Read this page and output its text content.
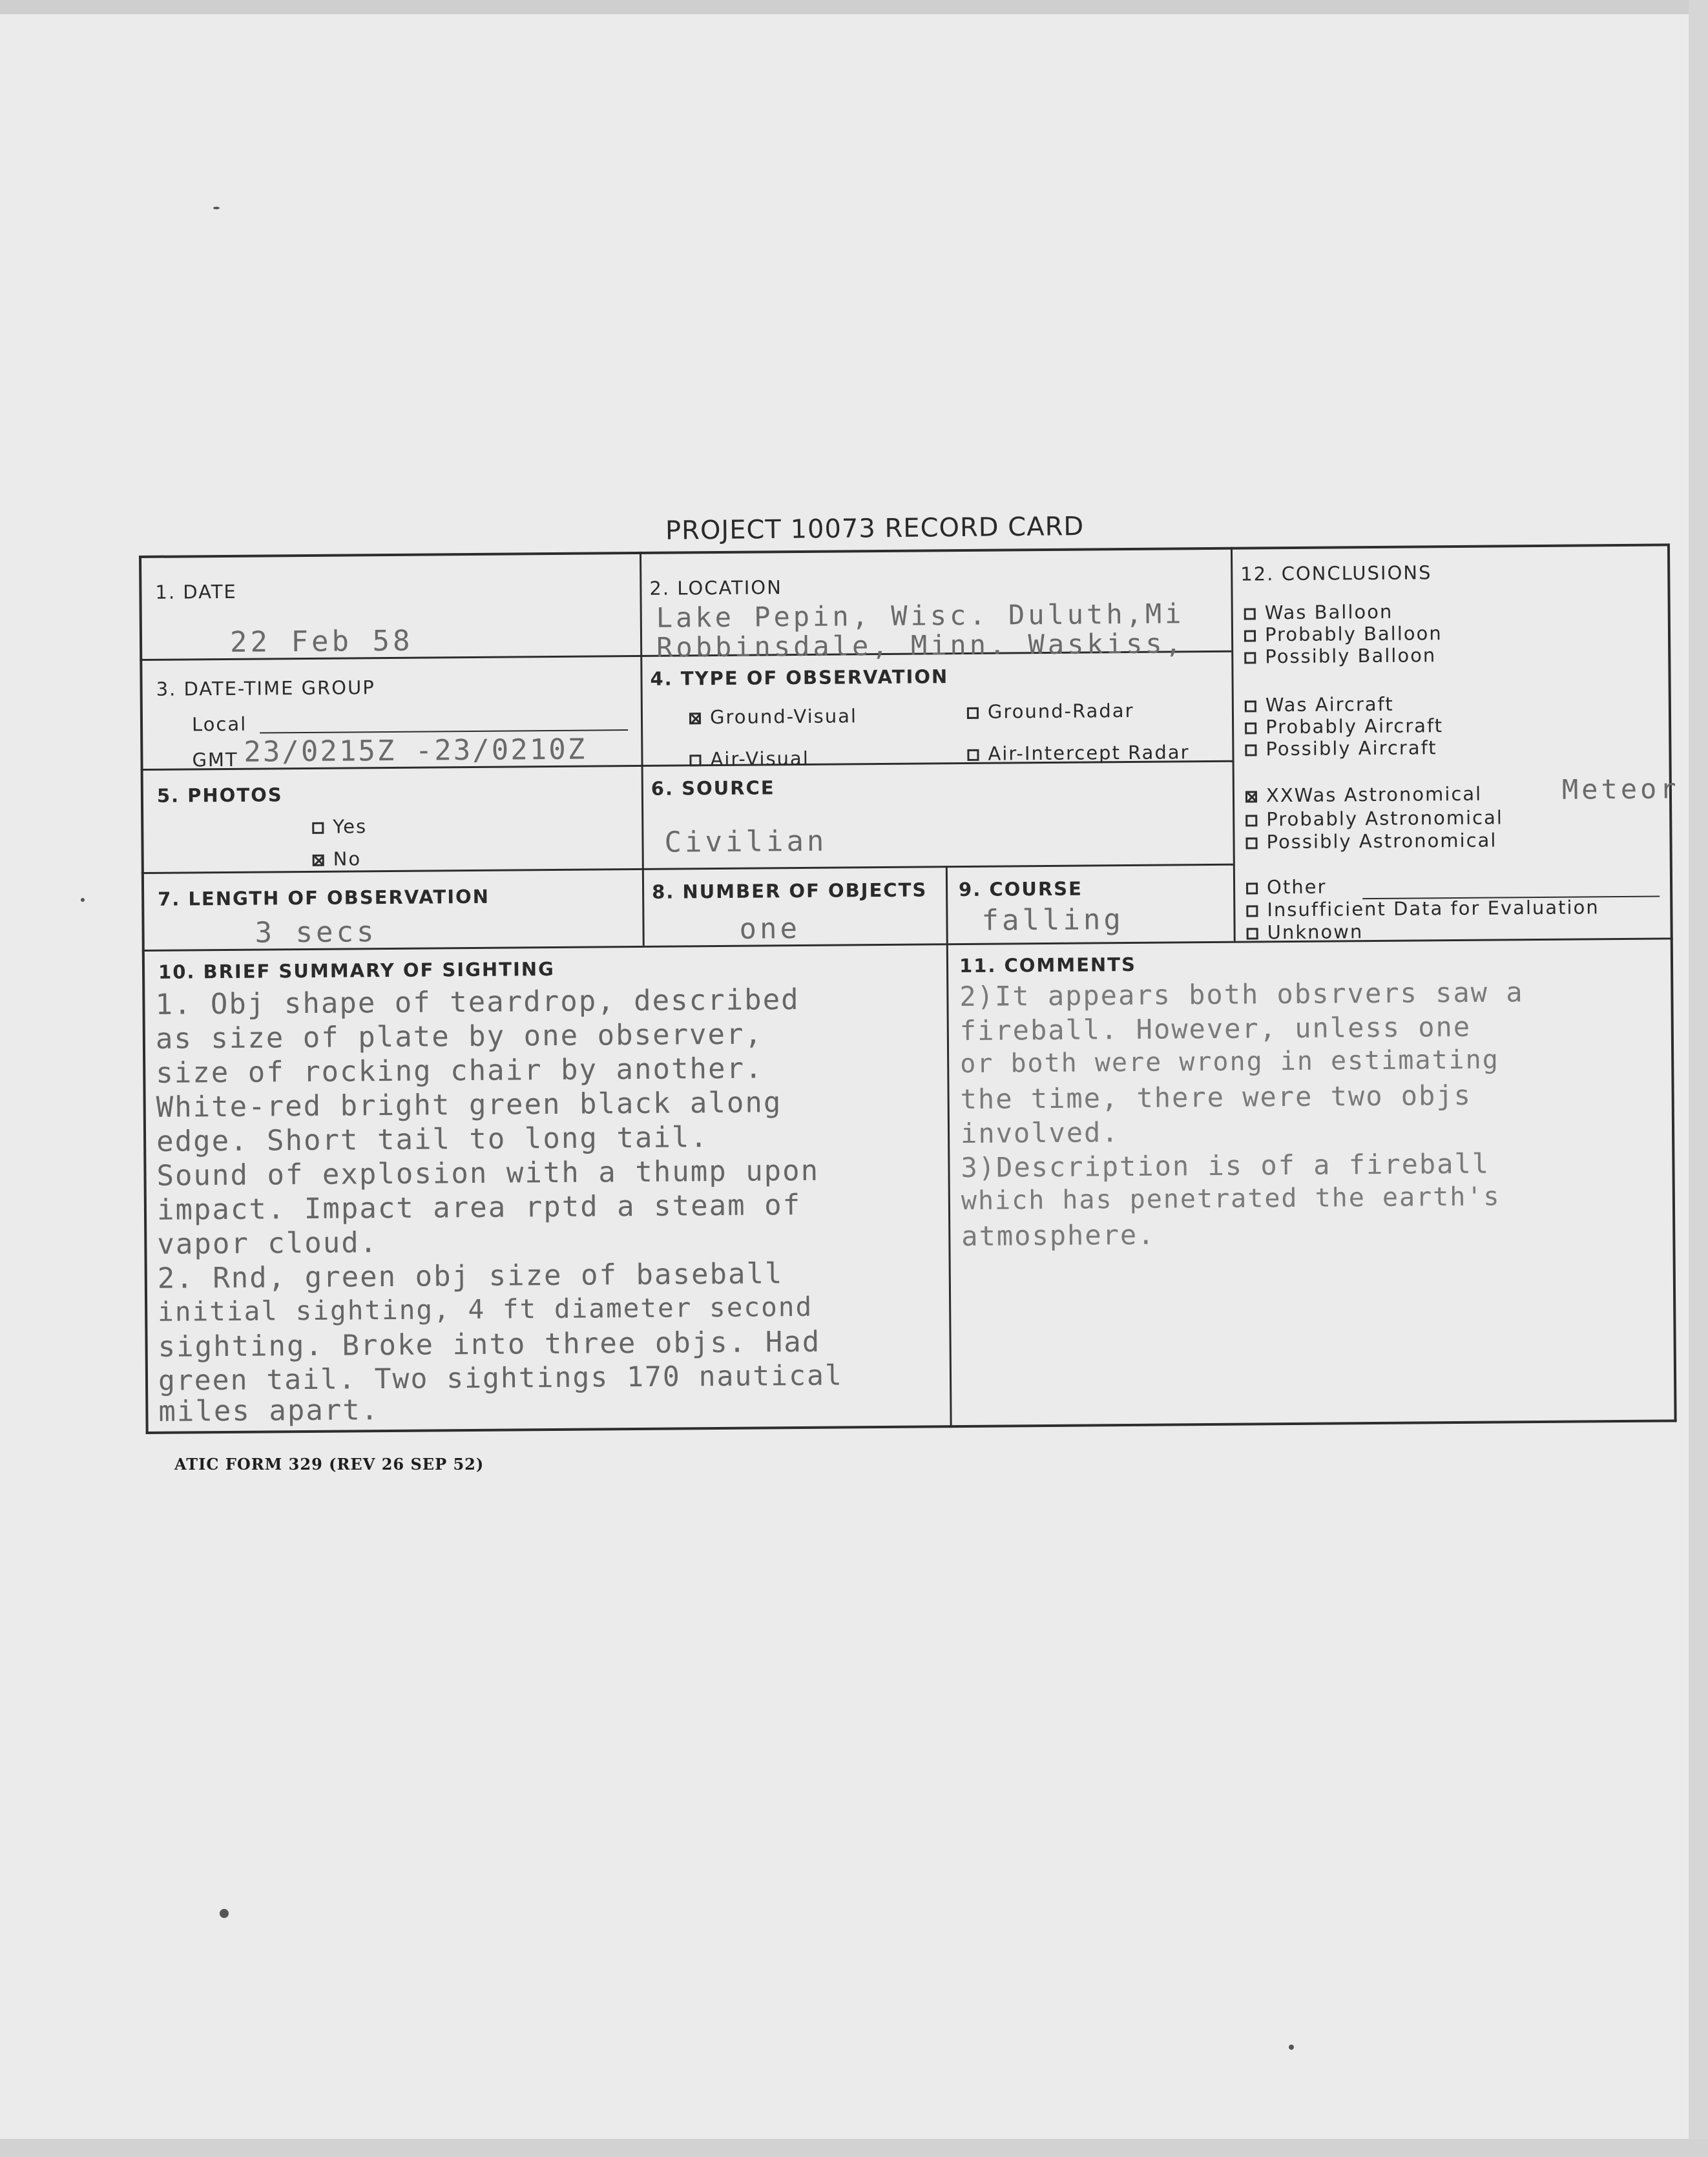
PROJECT 10073 RECORD CARD
1. DATE
22 Feb 58
2. LOCATION
Lake Pepin, Wisc. Duluth,Mi
Robbinsdale, Minn. Waskiss,
3. DATE-TIME GROUP
Local
GMT 23/0215Z -23/0210Z
4. TYPE OF OBSERVATION
Ground-Visual	Ground-Radar
Air-Visual	Air-Intercept Radar
5. PHOTOS
Yes
No
6. SOURCE
Civilian
7. LENGTH OF OBSERVATION
3 secs
8. NUMBER OF OBJECTS
one
9. COURSE
falling
12. CONCLUSIONS
Was Balloon
Probably Balloon
Possibly Balloon
Was Aircraft
Probably Aircraft
Possibly Aircraft
XXWas Astronomical	Meteor
Probably Astronomical
Possibly Astronomical
Other
Insufficient Data for Evaluation
Unknown
10. BRIEF SUMMARY OF SIGHTING
1. Obj shape of teardrop, described
as size of plate by one observer,
size of rocking chair by another.
White-red bright green black along
edge. Short tail to long tail.
Sound of explosion with a thump upon
impact. Impact area rptd a steam of
vapor cloud.
2. Rnd, green obj size of baseball
initial sighting, 4 ft diameter second
sighting. Broke into three objs. Had
green tail. Two sightings 170 nautical
miles apart.
11. COMMENTS
2)It appears both obsrvers saw a
fireball. However, unless one
or both were wrong in estimating
the time, there were two objs
involved.
3)Description is of a fireball
which has penetrated the earth's
atmosphere.
ATIC FORM 329 (REV 26 SEP 52)
